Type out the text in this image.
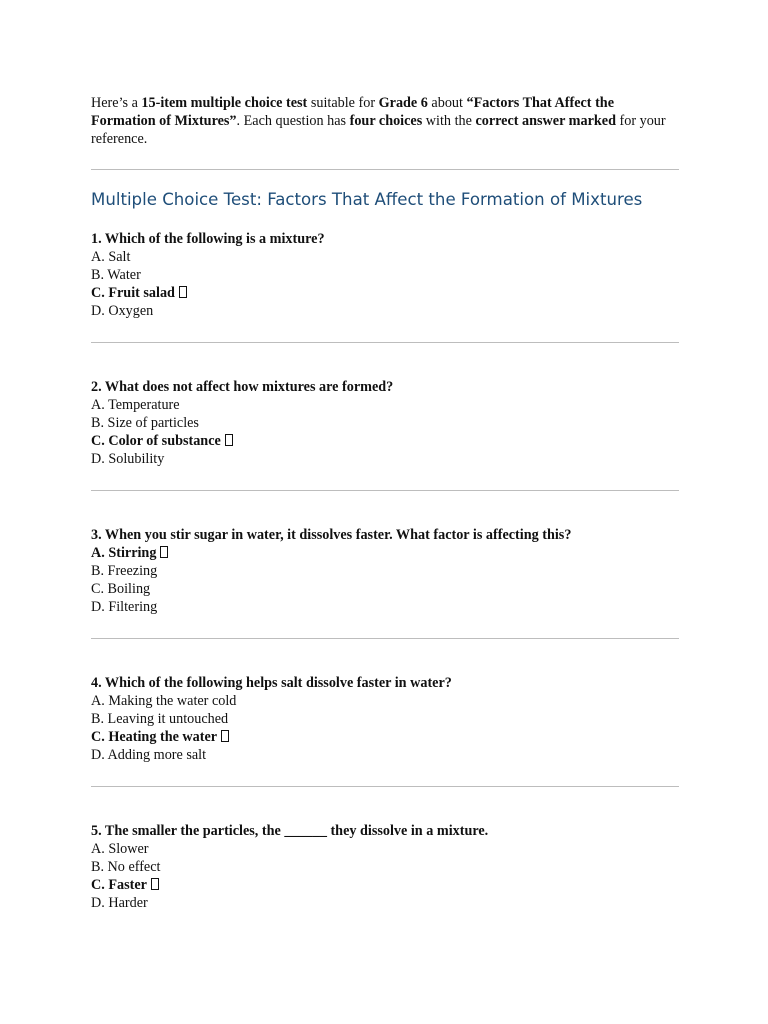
Here’s a 15-item multiple choice test suitable for Grade 6 about “Factors That Affect the Formation of Mixtures”. Each question has four choices with the correct answer marked for your reference.

Multiple Choice Test: Factors That Affect the Formation of Mixtures
1. Which of the following is a mixture?
A. Salt
B. Water
C. Fruit salad
D. Oxygen
2. What does not affect how mixtures are formed?
A. Temperature
B. Size of particles
C. Color of substance
D. Solubility
3. When you stir sugar in water, it dissolves faster. What factor is affecting this?
A. Stirring
B. Freezing
C. Boiling
D. Filtering
4. Which of the following helps salt dissolve faster in water?
A. Making the water cold
B. Leaving it untouched
C. Heating the water
D. Adding more salt
5. The smaller the particles, the ______ they dissolve in a mixture.
A. Slower
B. No effect
C. Faster
D. Harder
